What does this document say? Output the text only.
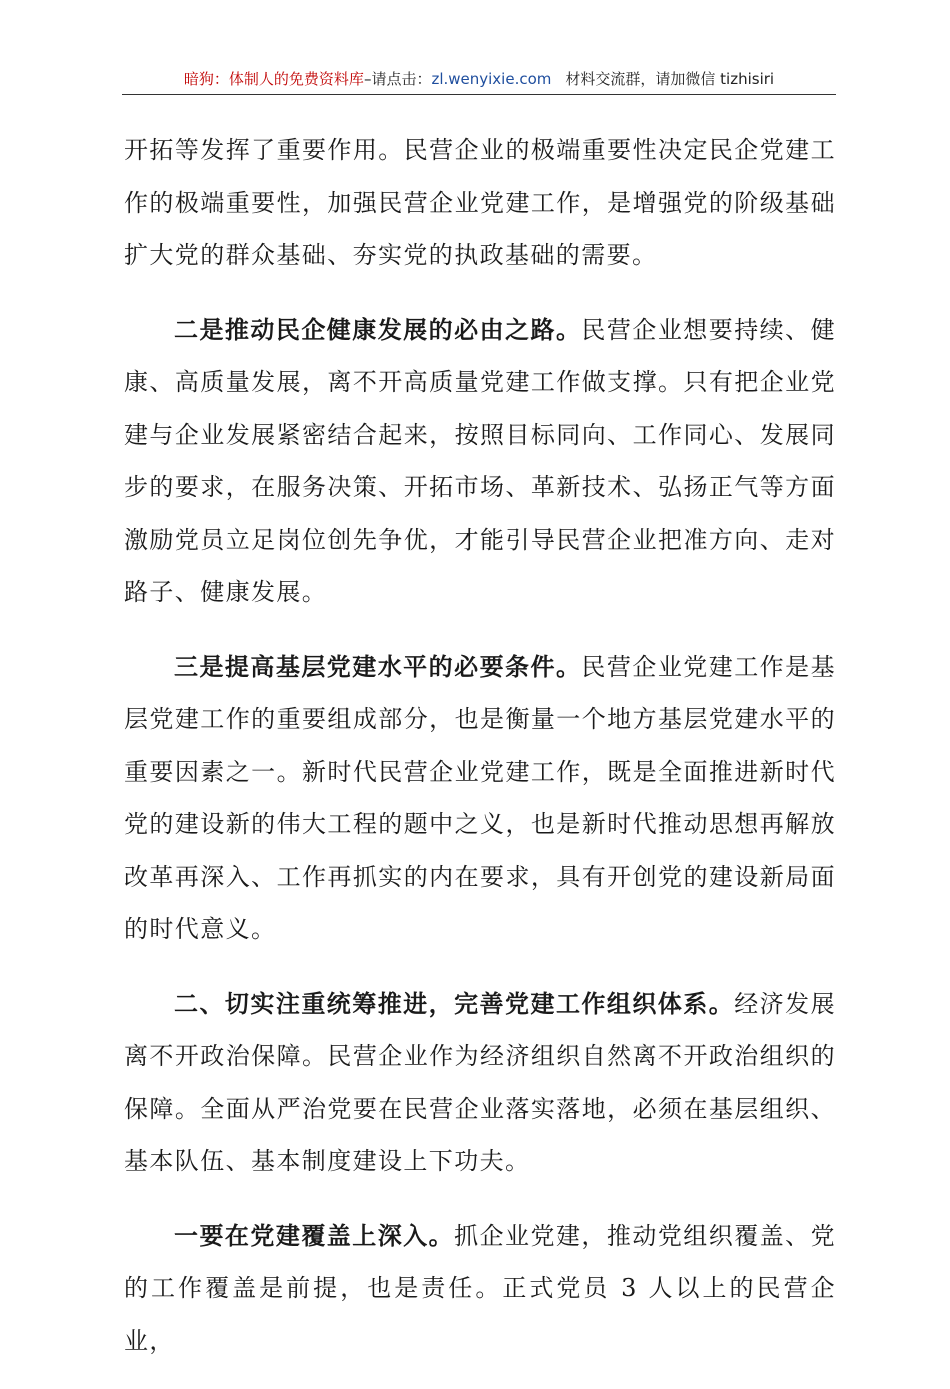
暗狗：体制人的免费资料库–请点击：zl.wenyixie.com 材料交流群，请加微信 tizhisiri

开拓等发挥了重要作用。民营企业的极端重要性决定民企党建工作的极端重要性，加强民营企业党建工作，是增强党的阶级基础扩大党的群众基础、夯实党的执政基础的需要。

二是推动民企健康发展的必由之路。民营企业想要持续、健康、高质量发展，离不开高质量党建工作做支撑。只有把企业党建与企业发展紧密结合起来，按照目标同向、工作同心、发展同步的要求，在服务决策、开拓市场、革新技术、弘扬正气等方面激励党员立足岗位创先争优，才能引导民营企业把准方向、走对路子、健康发展。

三是提高基层党建水平的必要条件。民营企业党建工作是基层党建工作的重要组成部分，也是衡量一个地方基层党建水平的重要因素之一。新时代民营企业党建工作，既是全面推进新时代党的建设新的伟大工程的题中之义，也是新时代推动思想再解放改革再深入、工作再抓实的内在要求，具有开创党的建设新局面的时代意义。

二、切实注重统筹推进，完善党建工作组织体系。经济发展离不开政治保障。民营企业作为经济组织自然离不开政治组织的保障。全面从严治党要在民营企业落实落地，必须在基层组织、基本队伍、基本制度建设上下功夫。

一要在党建覆盖上深入。抓企业党建，推动党组织覆盖、党的工作覆盖是前提，也是责任。正式党员 3 人以上的民营企业，
